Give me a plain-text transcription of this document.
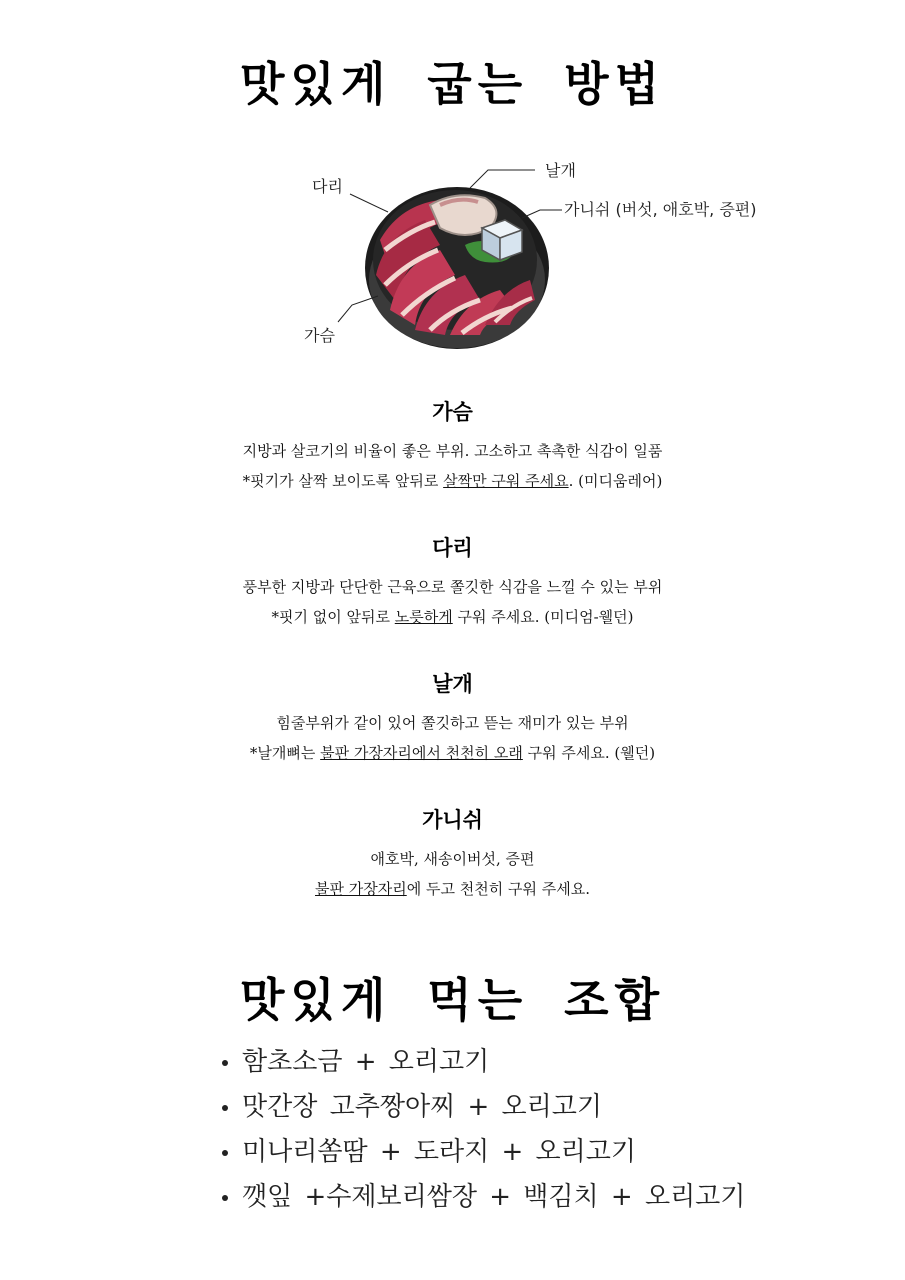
맛있게 굽는 방법
날개
다리
가니쉬 (버섯, 애호박, 증편)
가슴
가슴

지방과 살코기의 비율이 좋은 부위. 고소하고 촉촉한 식감이 일품

*핏기가 살짝 보이도록 앞뒤로 살짝만 구워 주세요. (미디움레어)

다리

풍부한 지방과 단단한 근육으로 쫄깃한 식감을 느낄 수 있는 부위

*핏기 없이 앞뒤로 노릇하게 구워 주세요. (미디엄-웰던)

날개

힘줄부위가 같이 있어 쫄깃하고 뜯는 재미가 있는 부위

*날개뼈는 불판 가장자리에서 천천히 오래 구워 주세요. (웰던)

가니쉬

애호박, 새송이버섯, 증편

불판 가장자리에 두고 천천히 구워 주세요.

맛있게 먹는 조합
함초소금 + 오리고기
맛간장 고추짱아찌 + 오리고기
미나리쏨땀 + 도라지 + 오리고기
깻잎 +수제보리쌈장 + 백김치 + 오리고기
